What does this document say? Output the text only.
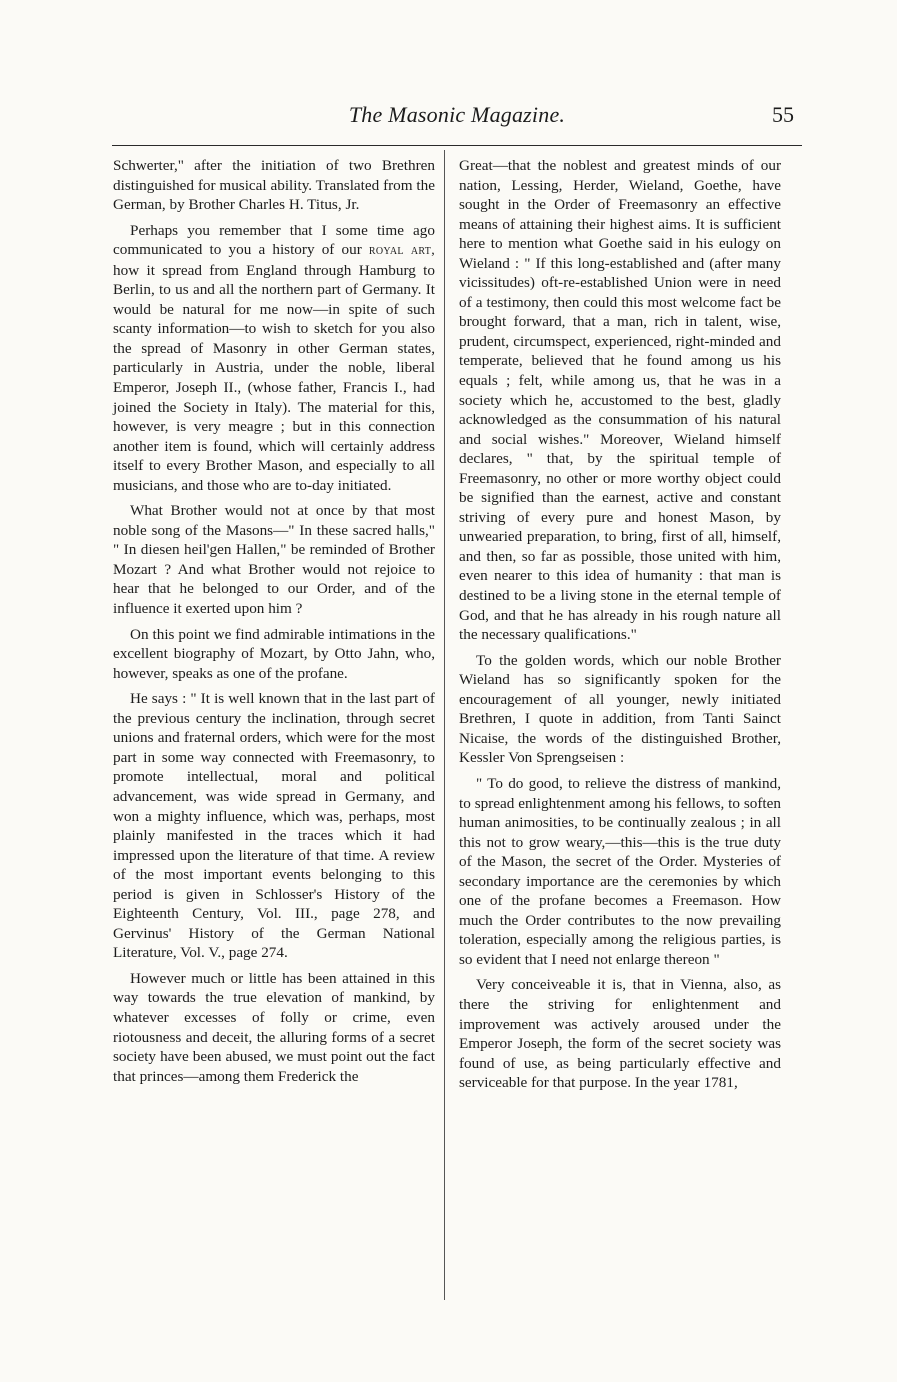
The Masonic Magazine.	55

Schwerter," after the initiation of two Brethren distinguished for musical ability. Translated from the German, by Brother Charles H. Titus, Jr.

Perhaps you remember that I some time ago communicated to you a history of our royal art, how it spread from England through Hamburg to Berlin, to us and all the northern part of Germany. It would be natural for me now—in spite of such scanty information—to wish to sketch for you also the spread of Masonry in other German states, particularly in Austria, under the noble, liberal Emperor, Joseph II., (whose father, Francis I., had joined the Society in Italy). The material for this, however, is very meagre ; but in this connection another item is found, which will certainly address itself to every Brother Mason, and especially to all musicians, and those who are to-day initiated.

What Brother would not at once by that most noble song of the Masons—" In these sacred halls," " In diesen heil'gen Hallen," be reminded of Brother Mozart ? And what Brother would not rejoice to hear that he belonged to our Order, and of the influence it exerted upon him ?

On this point we find admirable intimations in the excellent biography of Mozart, by Otto Jahn, who, however, speaks as one of the profane.

He says : " It is well known that in the last part of the previous century the inclination, through secret unions and fraternal orders, which were for the most part in some way connected with Freemasonry, to promote intellectual, moral and political advancement, was wide spread in Germany, and won a mighty influence, which was, perhaps, most plainly manifested in the traces which it had impressed upon the literature of that time. A review of the most important events belonging to this period is given in Schlosser's History of the Eighteenth Century, Vol. III., page 278, and Gervinus' History of the German National Literature, Vol. V., page 274.

However much or little has been attained in this way towards the true elevation of mankind, by whatever excesses of folly or crime, even riotousness and deceit, the alluring forms of a secret society have been abused, we must point out the fact that princes—among them Frederick the

Great—that the noblest and greatest minds of our nation, Lessing, Herder, Wieland, Goethe, have sought in the Order of Freemasonry an effective means of attaining their highest aims. It is sufficient here to mention what Goethe said in his eulogy on Wieland : " If this long-established and (after many vicissitudes) oft-re-established Union were in need of a testimony, then could this most welcome fact be brought forward, that a man, rich in talent, wise, prudent, circumspect, experienced, right-minded and temperate, believed that he found among us his equals ; felt, while among us, that he was in a society which he, accustomed to the best, gladly acknowledged as the consummation of his natural and social wishes." Moreover, Wieland himself declares, " that, by the spiritual temple of Freemasonry, no other or more worthy object could be signified than the earnest, active and constant striving of every pure and honest Mason, by unwearied preparation, to bring, first of all, himself, and then, so far as possible, those united with him, even nearer to this idea of humanity : that man is destined to be a living stone in the eternal temple of God, and that he has already in his rough nature all the necessary qualifications."

To the golden words, which our noble Brother Wieland has so significantly spoken for the encouragement of all younger, newly initiated Brethren, I quote in addition, from Tanti Sainct Nicaise, the words of the distinguished Brother, Kessler Von Sprengseisen :

" To do good, to relieve the distress of mankind, to spread enlightenment among his fellows, to soften human animosities, to be continually zealous ; in all this not to grow weary,—this—this is the true duty of the Mason, the secret of the Order. Mysteries of secondary importance are the ceremonies by which one of the profane becomes a Freemason. How much the Order contributes to the now prevailing toleration, especially among the religious parties, is so evident that I need not enlarge thereon "

Very conceiveable it is, that in Vienna, also, as there the striving for enlightenment and improvement was actively aroused under the Emperor Joseph, the form of the secret society was found of use, as being particularly effective and serviceable for that purpose. In the year 1781,
